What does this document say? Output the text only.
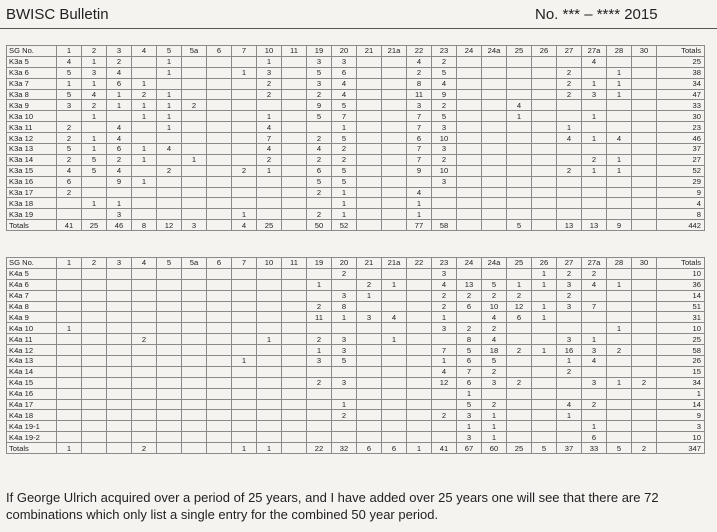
BWISC Bulletin	No. *** – **** 2015
SG No.	1	2	3	4	5	5a	6	7	10	11	19	20	21	21a	22	23	24	24a	25	26	27	27a	28	30	Totals
K3a 5	4	1	2		1				1		3	3			4	2						4			25
K3a 6	5	3	4		1			1	3		5	6			2	5					2		1		38
K3a 7	1	1	6	1					2		3	4			8	4					2	1	1		34
K3a 8	5	4	1	2	1				2		2	4			11	9					2	3	1		47
K3a 9	3	2	1	1	1	2					9	5			3	2			4						33
K3a 10		1		1	1				1		5	7			7	5			1			1			30
K3a 11	2		4		1				4			1			7	3					1				23
K3a 12	2	1	4						7		2	5			6	10					4	1	4		46
K3a 13	5	1	6	1	4				4		4	2			7	3									37
K3a 14	2	5	2	1		1			2		2	2			7	2						2	1		27
K3a 15	4	5	4		2			2	1		6	5			9	10					2	1	1		52
K3a 16	6		9	1							5	5				3									29
K3a 17	2										2	1			4										9
K3a 18		1	1									1			1										4
K3a 19			3					1			2	1			1										8
Totals	41	25	46	8	12	3		4	25		50	52			77	58			5		13	13	9		442
SG No.	1	2	3	4	5	5a	6	7	10	11	19	20	21	21a	22	23	24	24a	25	26	27	27a	28	30	Totals
K4a 5												2				3				1	2	2			10
K4a 6											1		2	1		4	13	5	1	1	3	4	1		36
K4a 7												3	1			2	2	2	2		2				14
K4a 8											2	8				2	6	10	12	1	3	7			51
K4a 9											11	1	3	4		1		4	6	1					31
K4a 10	1															3	2	2					1		10
K4a 11				2					1		2	3		1			8	4			3	1			25
K4a 12											1	3				7	5	18	2	1	16	3	2		58
K4a 13								1			3	5				1	6	5			1	4			26
K4a 14																4	7	2			2				15
K4a 15											2	3				12	6	3	2			3	1	2	34
K4a 16																	1								1
K4a 17												1					5	2			4	2			14
K4a 18												2				2	3	1			1				9
K4a 19-1																	1	1				1			3
K4a 19-2																	3	1				6			10
Totals	1			2				1	1		22	32	6	6	1	41	67	60	25	5	37	33	5	2	347
If George Ulrich acquired over a period of 25 years, and I have added over 25 years one will see that there are 72 combinations which only list a single entry for the combined 50 year period.
